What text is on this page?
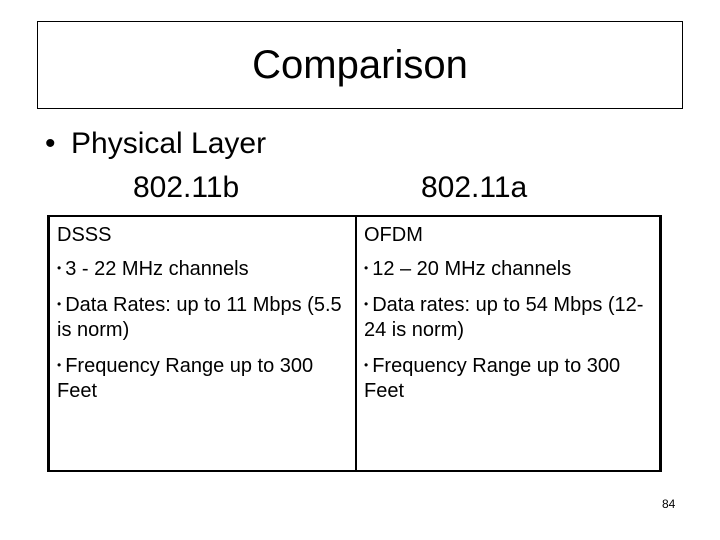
Comparison
• Physical Layer
802.11b	802.11a
DSSS
• 3 - 22 MHz channels
• Data Rates: up to 11 Mbps (5.5 is norm)
• Frequency Range up to 300 Feet
OFDM
• 12 – 20 MHz channels
• Data rates: up to 54 Mbps (12-24 is norm)
• Frequency Range up to 300 Feet
84
